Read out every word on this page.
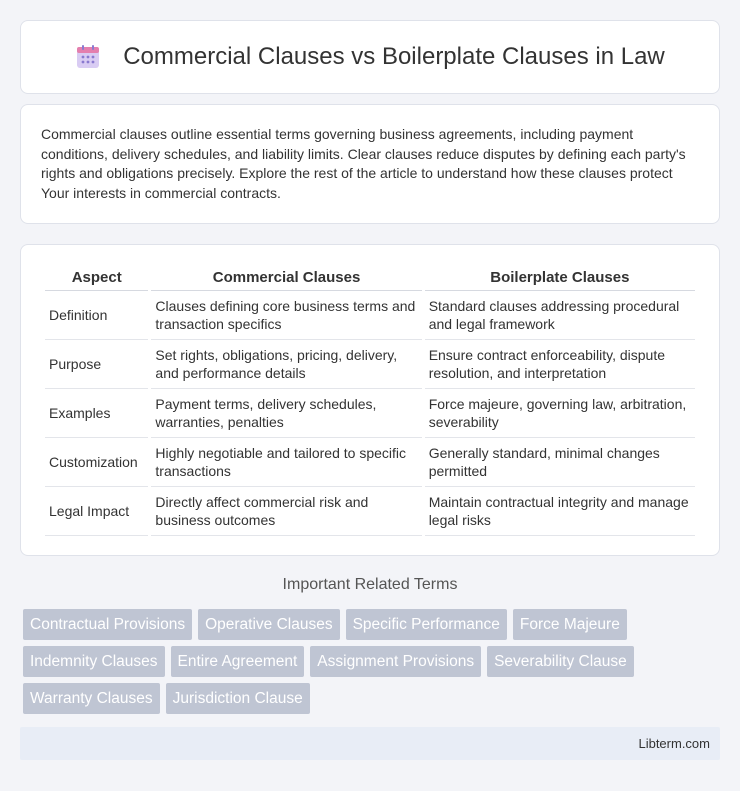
Commercial Clauses vs Boilerplate Clauses in Law

Commercial clauses outline essential terms governing business agreements, including payment conditions, delivery schedules, and liability limits. Clear clauses reduce disputes by defining each party's rights and obligations precisely. Explore the rest of the article to understand how these clauses protect Your interests in commercial contracts.

Aspect	Commercial Clauses	Boilerplate Clauses
Definition	Clauses defining core business terms and transaction specifics	Standard clauses addressing procedural and legal framework
Purpose	Set rights, obligations, pricing, delivery, and performance details	Ensure contract enforceability, dispute resolution, and interpretation
Examples	Payment terms, delivery schedules, warranties, penalties	Force majeure, governing law, arbitration, severability
Customization	Highly negotiable and tailored to specific transactions	Generally standard, minimal changes permitted
Legal Impact	Directly affect commercial risk and business outcomes	Maintain contractual integrity and manage legal risks
Important Related Terms
Contractual Provisions	Operative Clauses	Specific Performance	Force Majeure
Indemnity Clauses	Entire Agreement	Assignment Provisions	Severability Clause
Warranty Clauses	Jurisdiction Clause
Libterm.com
